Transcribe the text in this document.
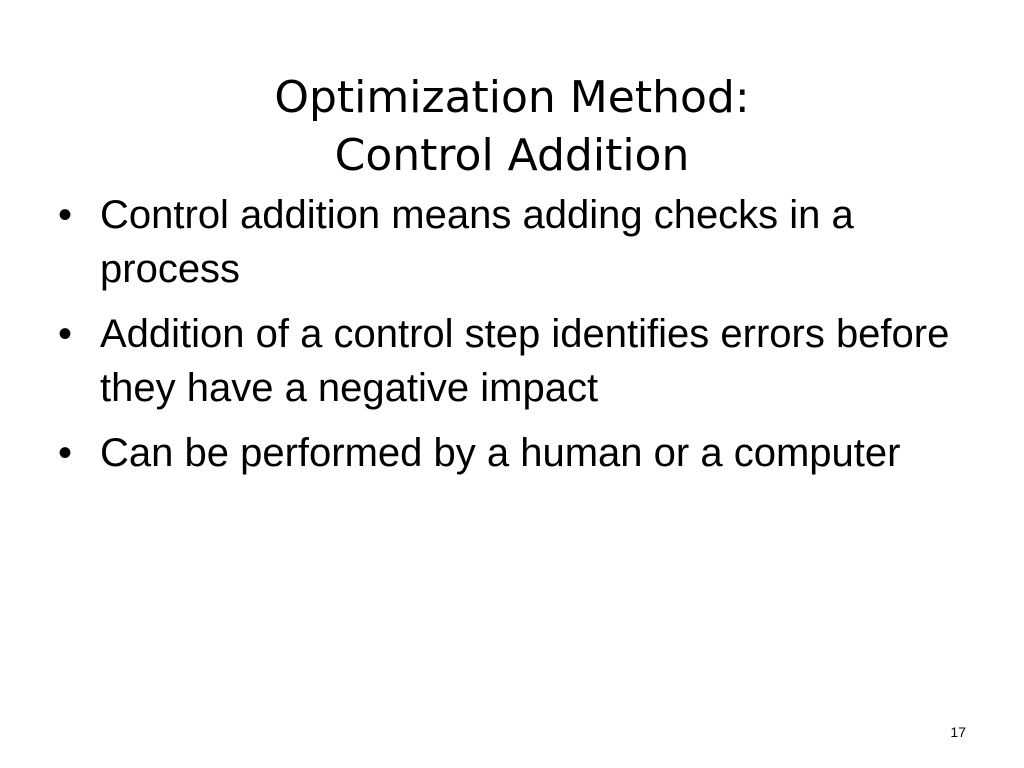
Optimization Method:
Control Addition
• Control addition means adding checks in a process
• Addition of a control step identifies errors before they have a negative impact
• Can be performed by a human or a computer
17
